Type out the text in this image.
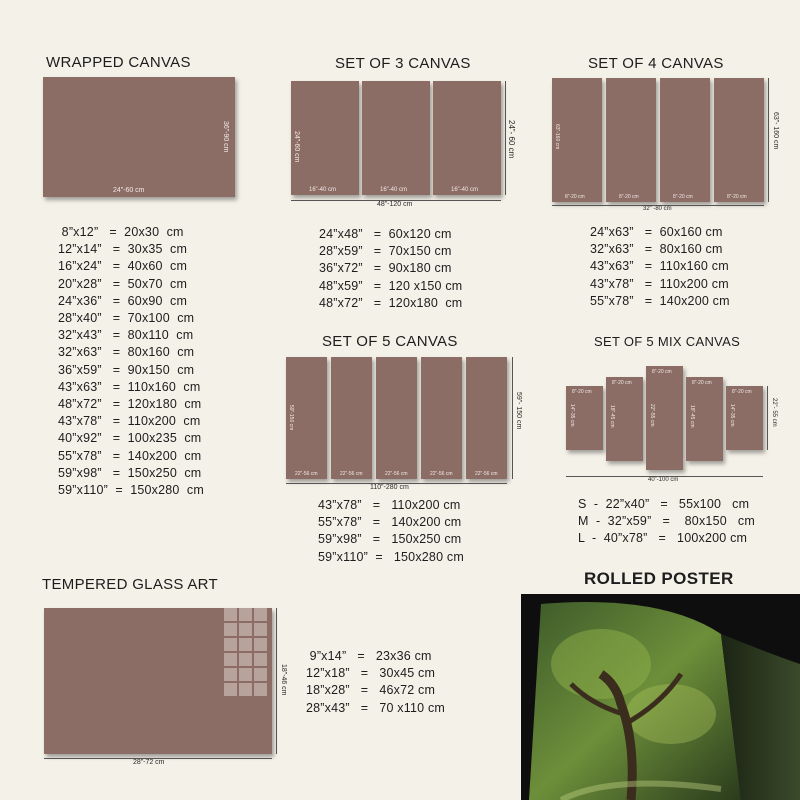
WRAPPED CANVAS
24”-60 cm
36”-90 cm
8”x12”   =  20x30  cm
12”x14”   =  30x35  cm
16”x24”   =  40x60  cm
20”x28”   =  50x70  cm
24”x36”   =  60x90  cm
28”x40”   =  70x100  cm
32”x43”   =  80x110  cm
32”x63”   =  80x160  cm
36”x59”   =  90x150  cm
43”x63”   =  110x160  cm
48”x72”   =  120x180  cm
43”x78”   =  110x200  cm
40”x92”   =  100x235  cm
55”x78”   =  140x200  cm
59”x98”   =  150x250  cm
59”x110”  =  150x280  cm
SET OF 3 CANVAS
24”-60 cm
16”-40 cm	16”-40 cm	16”-40 cm
48”-120 cm
24”- 60 cm
24”x48”   =  60x120 cm
28”x59”   =  70x150 cm
36”x72”   =  90x180 cm
48”x59”   =  120 x150 cm
48”x72”   =  120x180  cm
SET OF 4 CANVAS
63”-160 cm
8”-20 cm	8”-20 cm	8”-20 cm	8”-20 cm
32” -80 cm
63”- 160 cm
24”x63”   =  60x160 cm
32”x63”   =  80x160 cm
43”x63”   =  110x160 cm
43”x78”   =  110x200 cm
55”x78”   =  140x200 cm
SET OF 5 CANVAS
59”-150 cm
22”-56 cm	22”-56 cm	22”-56 cm	22”-56 cm	22”-56 cm
110”-280 cm
59”- 150 cm
43”x78”   =   110x200 cm
55”x78”   =   140x200 cm
59”x98”   =   150x250 cm
59”x110”  =   150x280 cm
SET OF 5 MIX CANVAS
8”-20 cm
14”-35 cm
8”-20 cm
18”-45 cm
8”-20 cm
22”-55 cm
8”-20 cm
18”-45 cm
8”-20 cm
14”-35 cm
40”-100 cm
22”- 55 cm
S  -  22”x40”   =   55x100   cm
M  -  32”x59”   =    80x150   cm
L  -  40”x78”   =   100x200 cm
TEMPERED GLASS ART
28”-72 cm
18”-46 cm
9”x14”   =   23x36 cm
12”x18”   =   30x45 cm
18”x28”   =   46x72 cm
28”x43”   =   70 x110 cm
ROLLED POSTER
